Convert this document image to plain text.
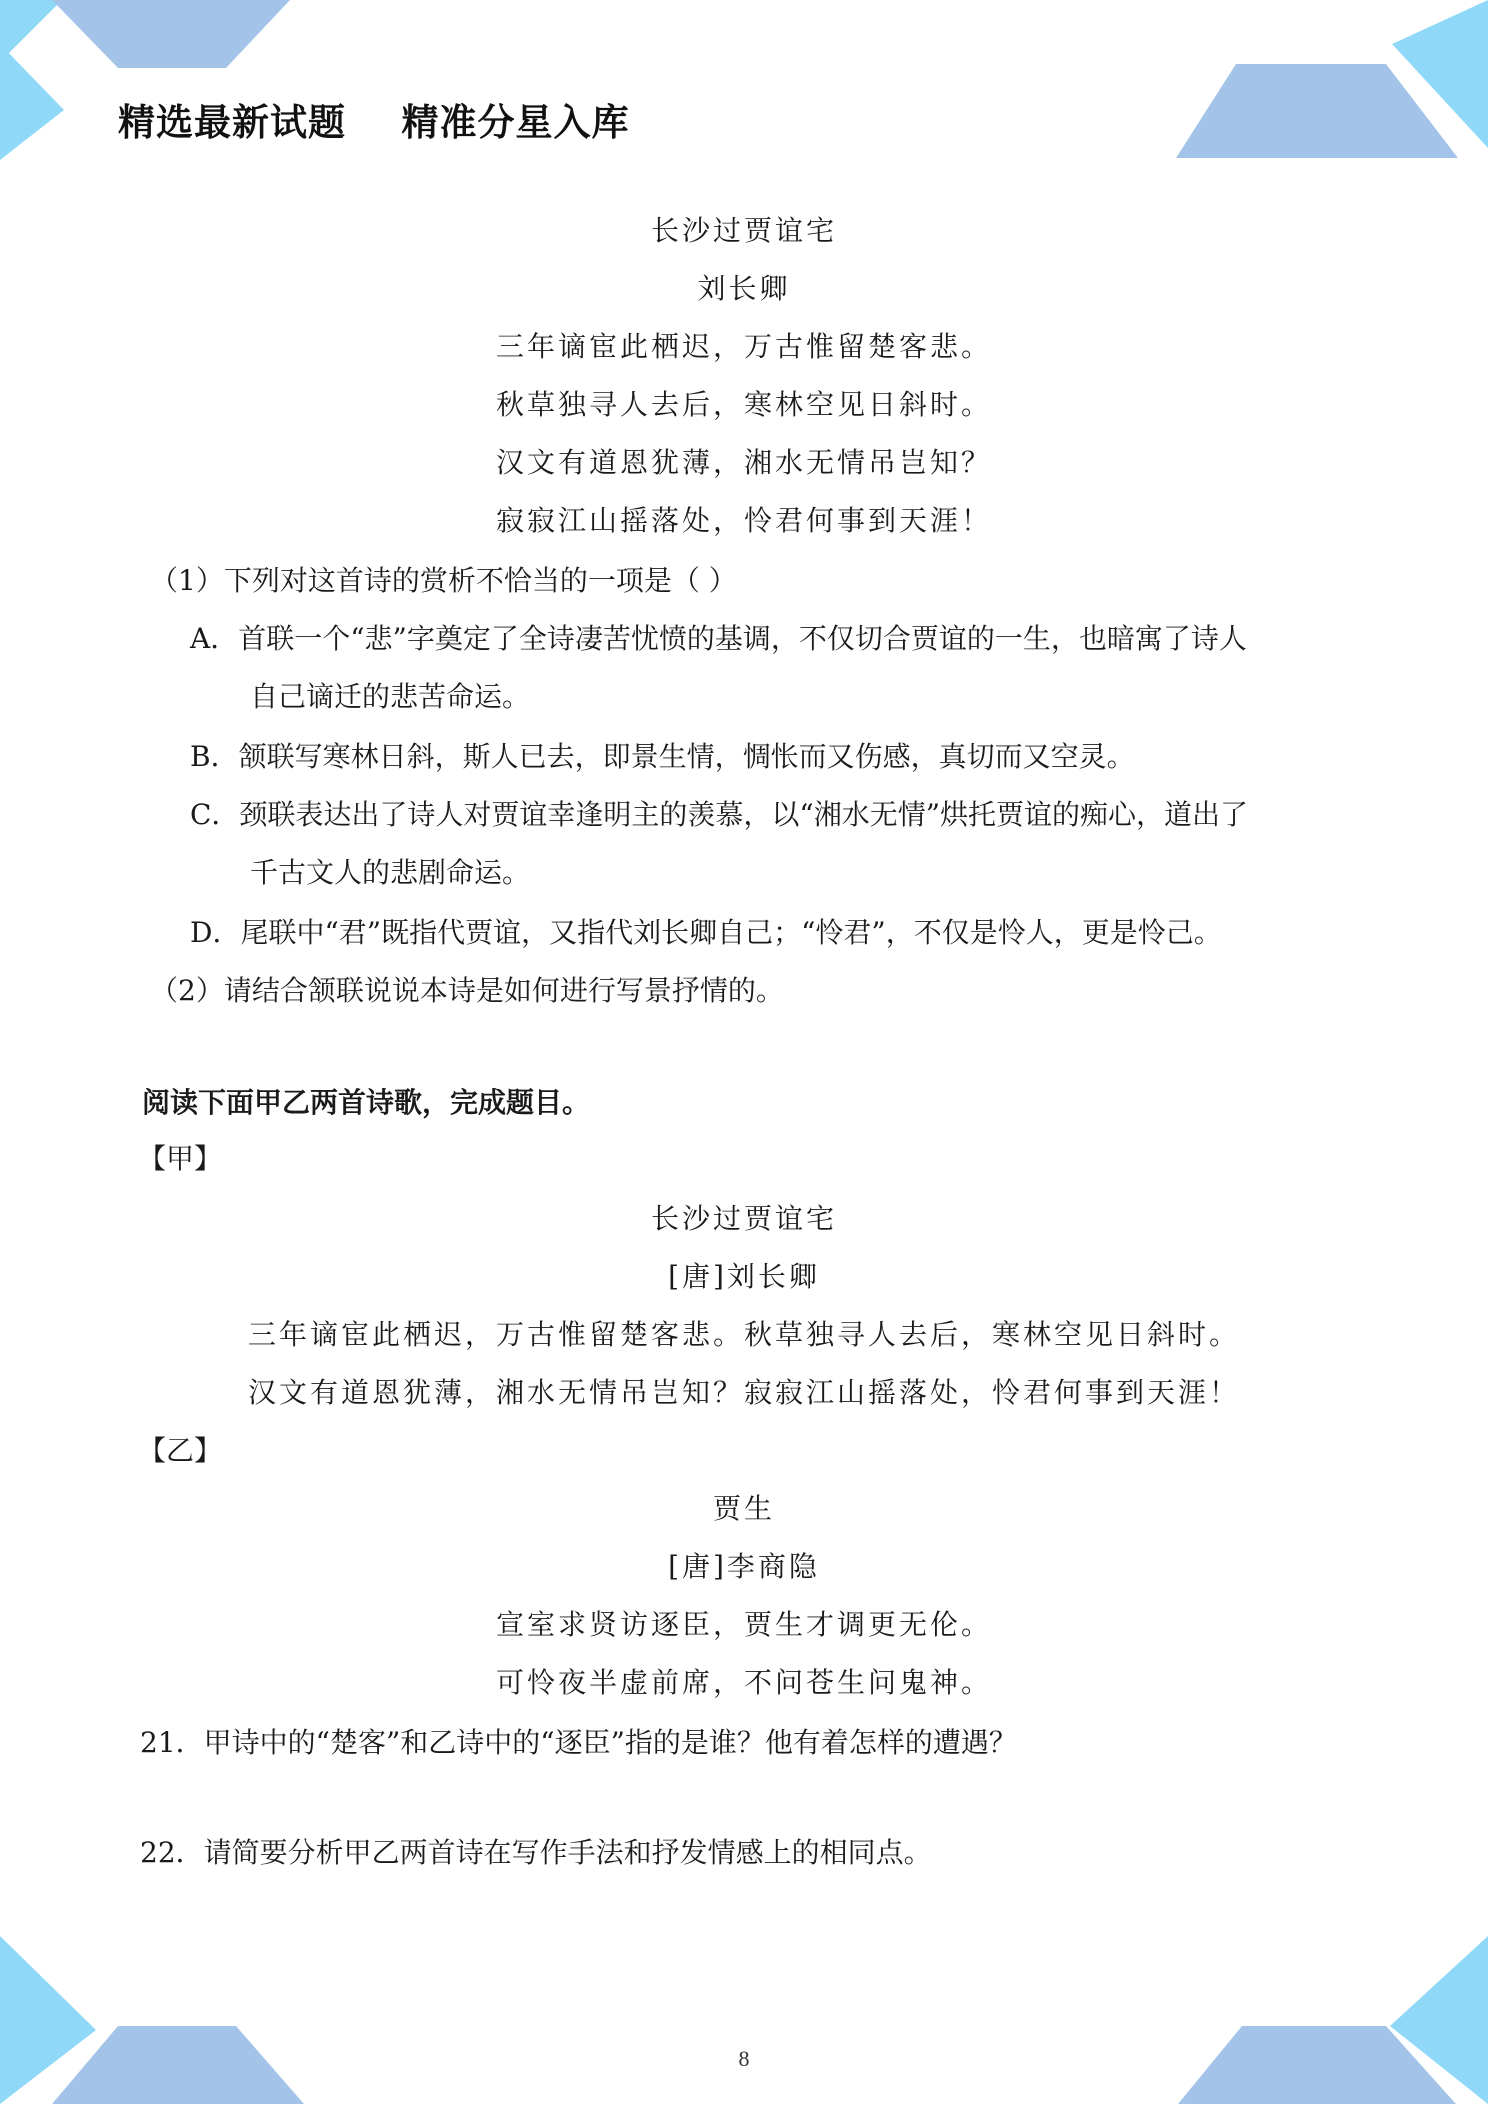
精选最新试题    精准分星入库
长沙过贾谊宅
刘长卿
三年谪宦此栖迟，万古惟留楚客悲。
秋草独寻人去后，寒林空见日斜时。
汉文有道恩犹薄，湘水无情吊岂知？
寂寂江山摇落处，怜君何事到天涯！
（1）下列对这首诗的赏析不恰当的一项是（ ）
A．首联一个“悲”字奠定了全诗凄苦忧愤的基调，不仅切合贾谊的一生，也暗寓了诗人
自己谪迁的悲苦命运。
B．颔联写寒林日斜，斯人已去，即景生情，惆怅而又伤感，真切而又空灵。
C．颈联表达出了诗人对贾谊幸逢明主的羡慕，以“湘水无情”烘托贾谊的痴心，道出了
千古文人的悲剧命运。
D．尾联中“君”既指代贾谊，又指代刘长卿自己；“怜君”，不仅是怜人，更是怜己。
（2）请结合颔联说说本诗是如何进行写景抒情的。
阅读下面甲乙两首诗歌，完成题目。
【甲】
长沙过贾谊宅
[唐]刘长卿
三年谪宦此栖迟，万古惟留楚客悲。秋草独寻人去后，寒林空见日斜时。
汉文有道恩犹薄，湘水无情吊岂知？寂寂江山摇落处，怜君何事到天涯！
【乙】
贾生
[唐]李商隐
宣室求贤访逐臣，贾生才调更无伦。
可怜夜半虚前席，不问苍生问鬼神。
21．甲诗中的“楚客”和乙诗中的“逐臣”指的是谁？他有着怎样的遭遇？
22．请简要分析甲乙两首诗在写作手法和抒发情感上的相同点。
8
